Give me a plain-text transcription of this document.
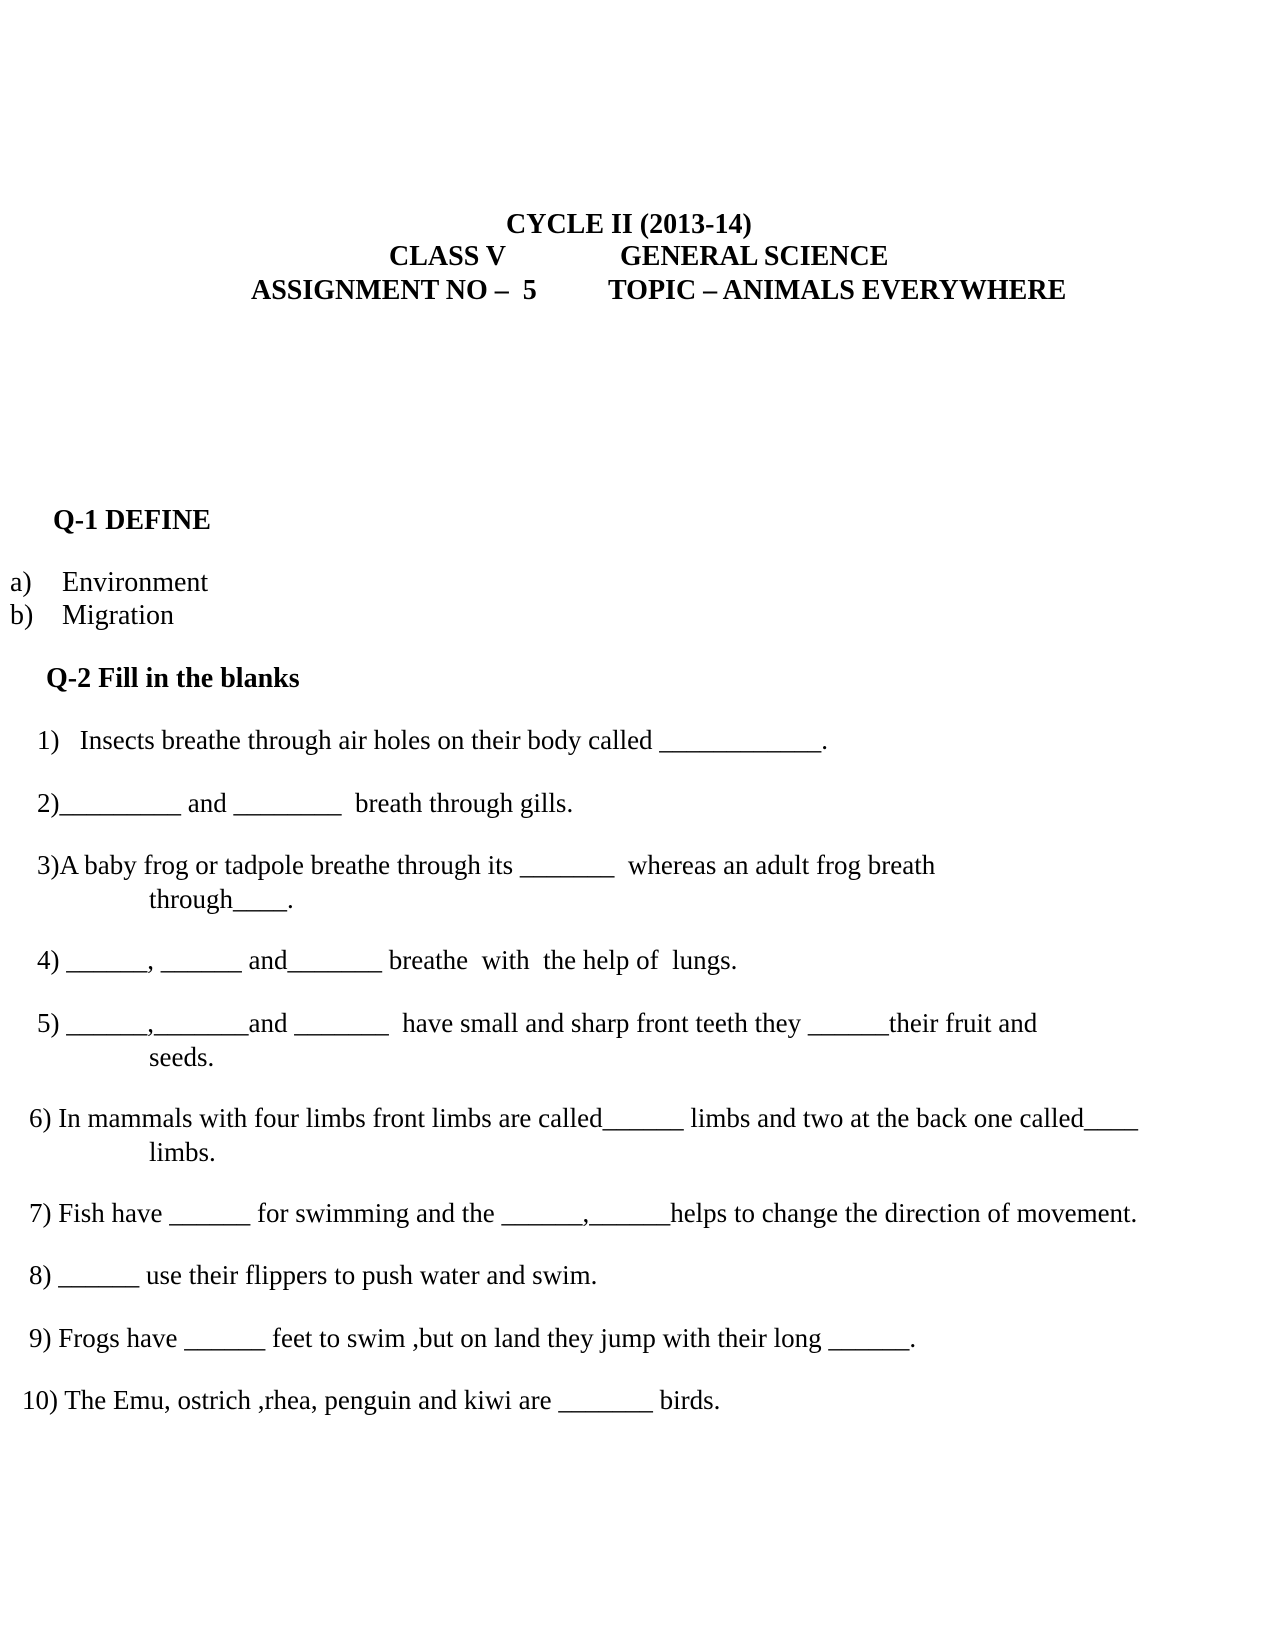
CYCLE II (2013-14)
CLASS V	GENERAL SCIENCE
ASSIGNMENT NO –  5	TOPIC – ANIMALS EVERYWHERE
Q-1 DEFINE
a) Environment
b) Migration
Q-2 Fill in the blanks
1)   Insects breathe through air holes on their body called ____________.
2)_________ and ________  breath through gills.
3)A baby frog or tadpole breathe through its _______  whereas an adult frog breath
through____.
4) ______, ______ and_______ breathe  with  the help of  lungs.
5) ______,_______and _______  have small and sharp front teeth they ______their fruit and
seeds.
6) In mammals with four limbs front limbs are called______ limbs and two at the back one called____
limbs.
7) Fish have ______ for swimming and the ______,______helps to change the direction of movement.
8) ______ use their flippers to push water and swim.
9) Frogs have ______ feet to swim ,but on land they jump with their long ______.
10) The Emu, ostrich ,rhea, penguin and kiwi are _______ birds.
